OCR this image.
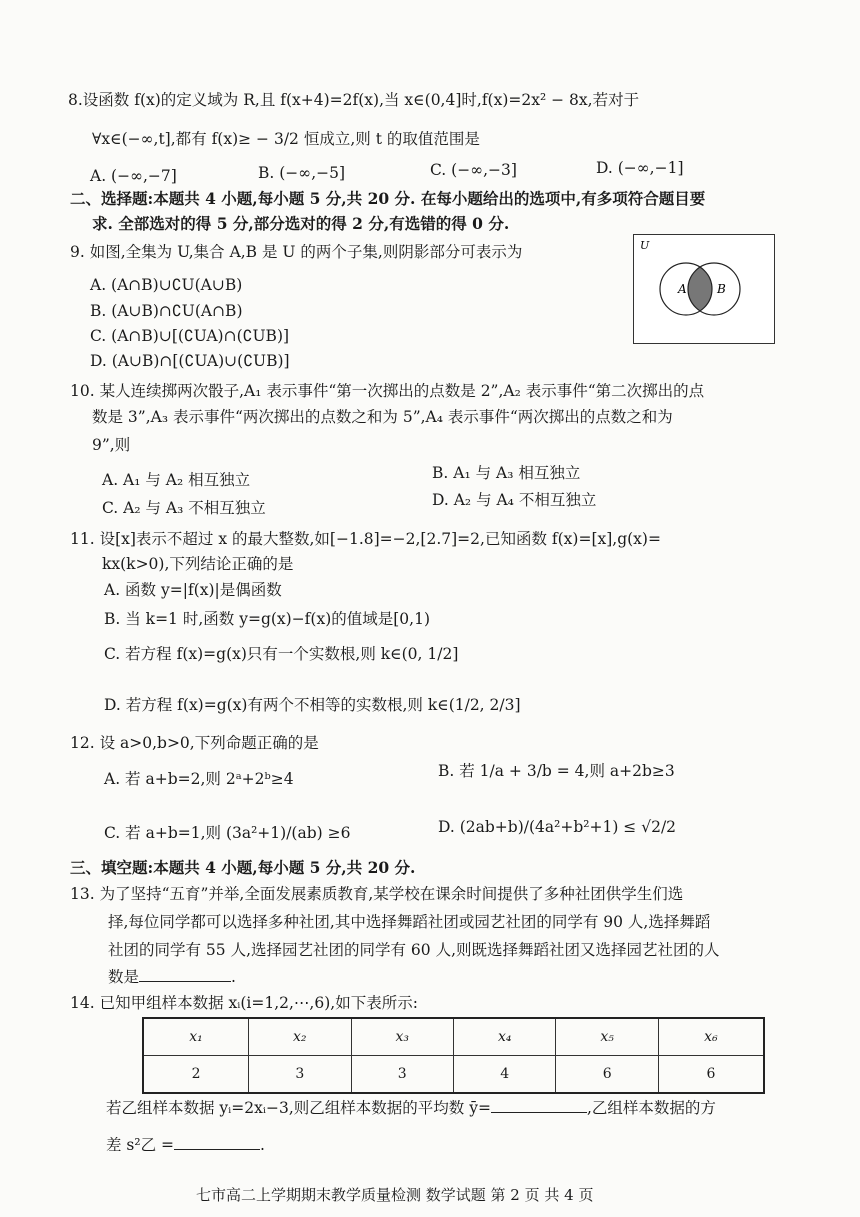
8.设函数 f(x)的定义域为 R,且 f(x+4)=2f(x),当 x∈(0,4]时,f(x)=2x² − 8x,若对于
∀x∈(−∞,t],都有 f(x)≥ − 3/2 恒成立,则 t 的取值范围是
A. (−∞,−7]	B. (−∞,−5]	C. (−∞,−3]	D. (−∞,−1]
二、选择题:本题共 4 小题,每小题 5 分,共 20 分. 在每小题给出的选项中,有多项符合题目要
求. 全部选对的得 5 分,部分选对的得 2 分,有选错的得 0 分.
9. 如图,全集为 U,集合 A,B 是 U 的两个子集,则阴影部分可表示为
A. (A∩B)∪∁U(A∪B)
B. (A∪B)∩∁U(A∩B)
C. (A∩B)∪[(∁UA)∩(∁UB)]
D. (A∪B)∩[(∁UA)∪(∁UB)]
U
A	B
10. 某人连续掷两次骰子,A₁ 表示事件“第一次掷出的点数是 2”,A₂ 表示事件“第二次掷出的点
数是 3”,A₃ 表示事件“两次掷出的点数之和为 5”,A₄ 表示事件“两次掷出的点数之和为
9”,则
A. A₁ 与 A₂ 相互独立	B. A₁ 与 A₃ 相互独立
C. A₂ 与 A₃ 不相互独立	D. A₂ 与 A₄ 不相互独立
11. 设[x]表示不超过 x 的最大整数,如[−1.8]=−2,[2.7]=2,已知函数 f(x)=[x],g(x)=
kx(k>0),下列结论正确的是
A. 函数 y=|f(x)|是偶函数
B. 当 k=1 时,函数 y=g(x)−f(x)的值域是[0,1)
C. 若方程 f(x)=g(x)只有一个实数根,则 k∈(0, 1/2]
D. 若方程 f(x)=g(x)有两个不相等的实数根,则 k∈(1/2, 2/3]
12. 设 a>0,b>0,下列命题正确的是
A. 若 a+b=2,则 2ᵃ+2ᵇ≥4	B. 若 1/a + 3/b = 4,则 a+2b≥3
C. 若 a+b=1,则 (3a²+1)/(ab) ≥6	D. (2ab+b)/(4a²+b²+1) ≤ √2/2
三、填空题:本题共 4 小题,每小题 5 分,共 20 分.
13. 为了坚持“五育”并举,全面发展素质教育,某学校在课余时间提供了多种社团供学生们选
择,每位同学都可以选择多种社团,其中选择舞蹈社团或园艺社团的同学有 90 人,选择舞蹈
社团的同学有 55 人,选择园艺社团的同学有 60 人,则既选择舞蹈社团又选择园艺社团的人
数是	.
14. 已知甲组样本数据 xᵢ(i=1,2,⋯,6),如下表所示:
x₁	x₂	x₃	x₄	x₅	x₆
2	3	3	4	6	6
若乙组样本数据 yᵢ=2xᵢ−3,则乙组样本数据的平均数 ȳ=	,乙组样本数据的方
差 s²乙 =	.
七市高二上学期期末教学质量检测 数学试题 第 2 页 共 4 页
